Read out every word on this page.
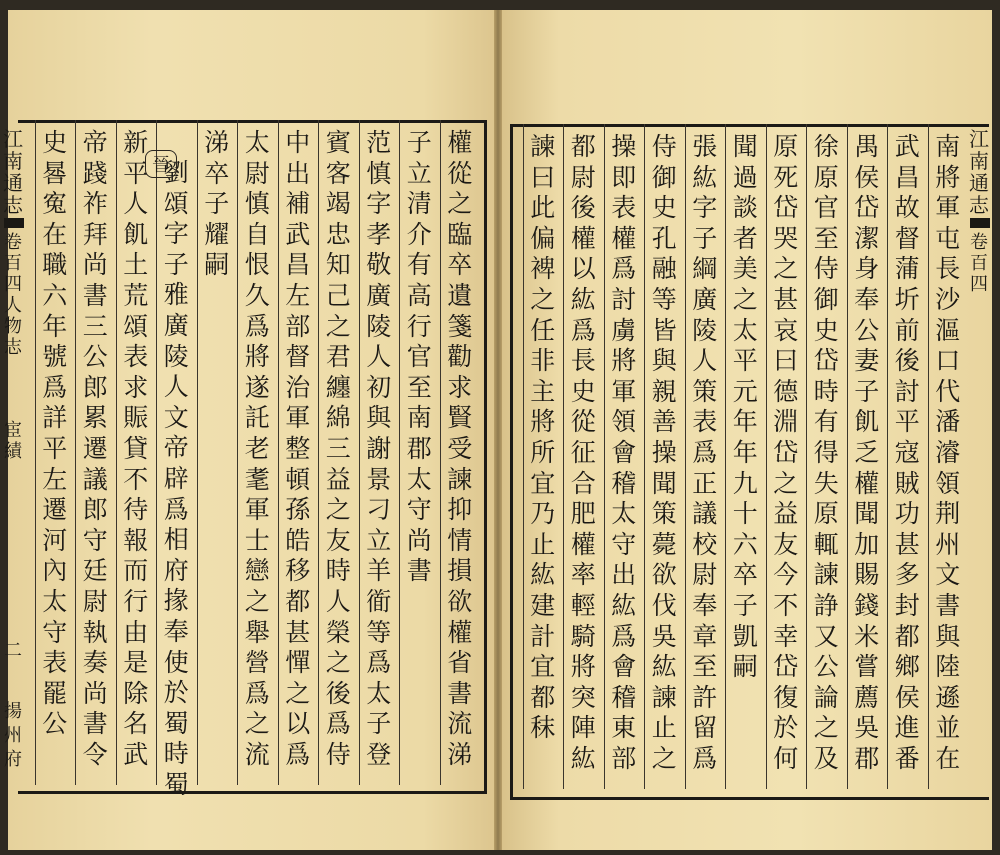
江
南
通
志
卷
百
四
人
物
志
宦
績
二
揚
州
府
江
南
通
志
卷
百
四
權
從
之
臨
卒
遺
箋
勸
求
賢
受
諫
抑
情
損
欲
權
省
書
流
涕
子
立
清
介
有
高
行
官
至
南
郡
太
守
尚
書
范
慎
字
孝
敬
廣
陵
人
初
與
謝
景
刁
立
羊
衜
等
爲
太
子
登
賓
客
竭
忠
知
己
之
君
纏
綿
三
益
之
友
時
人
榮
之
後
爲
侍
中
出
補
武
昌
左
部
督
治
軍
整
頓
孫
皓
移
都
甚
憚
之
以
爲
太
尉
慎
自
恨
久
爲
將
遂
託
老
耄
軍
士
戀
之
舉
營
爲
之
流
涕
卒
子
耀
嗣
劉
頌
字
子
雅
廣
陵
人
文
帝
辟
爲
相
府
掾
奉
使
於
蜀
時
蜀
新
平
人
飢
土
荒
頌
表
求
賑
貸
不
待
報
而
行
由
是
除
名
武
帝
踐
祚
拜
尚
書
三
公
郎
累
遷
議
郎
守
廷
尉
執
奏
尚
書
令
史
晷
寃
在
職
六
年
號
爲
詳
平
左
遷
河
內
太
守
表
罷
公
南
將
軍
屯
長
沙
漚
口
代
潘
濬
領
荆
州
文
書
與
陸
遜
並
在
武
昌
故
督
蒲
圻
前
後
討
平
寇
賊
功
甚
多
封
都
鄉
侯
進
番
禺
侯
岱
潔
身
奉
公
妻
子
飢
乏
權
聞
加
賜
錢
米
嘗
薦
吳
郡
徐
原
官
至
侍
御
史
岱
時
有
得
失
原
輒
諫
諍
又
公
論
之
及
原
死
岱
哭
之
甚
哀
曰
德
淵
岱
之
益
友
今
不
幸
岱
復
於
何
聞
過
談
者
美
之
太
平
元
年
年
九
十
六
卒
子
凱
嗣
張
紘
字
子
綱
廣
陵
人
策
表
爲
正
議
校
尉
奉
章
至
許
留
爲
侍
御
史
孔
融
等
皆
與
親
善
操
聞
策
薨
欲
伐
吳
紘
諫
止
之
操
即
表
權
爲
討
虜
將
軍
領
會
稽
太
守
出
紘
爲
會
稽
東
部
都
尉
後
權
以
紘
爲
長
史
從
征
合
肥
權
率
輕
騎
將
突
陣
紘
諫
曰
此
偏
裨
之
任
非
主
將
所
宜
乃
止
紘
建
計
宜
都
秣
晉
